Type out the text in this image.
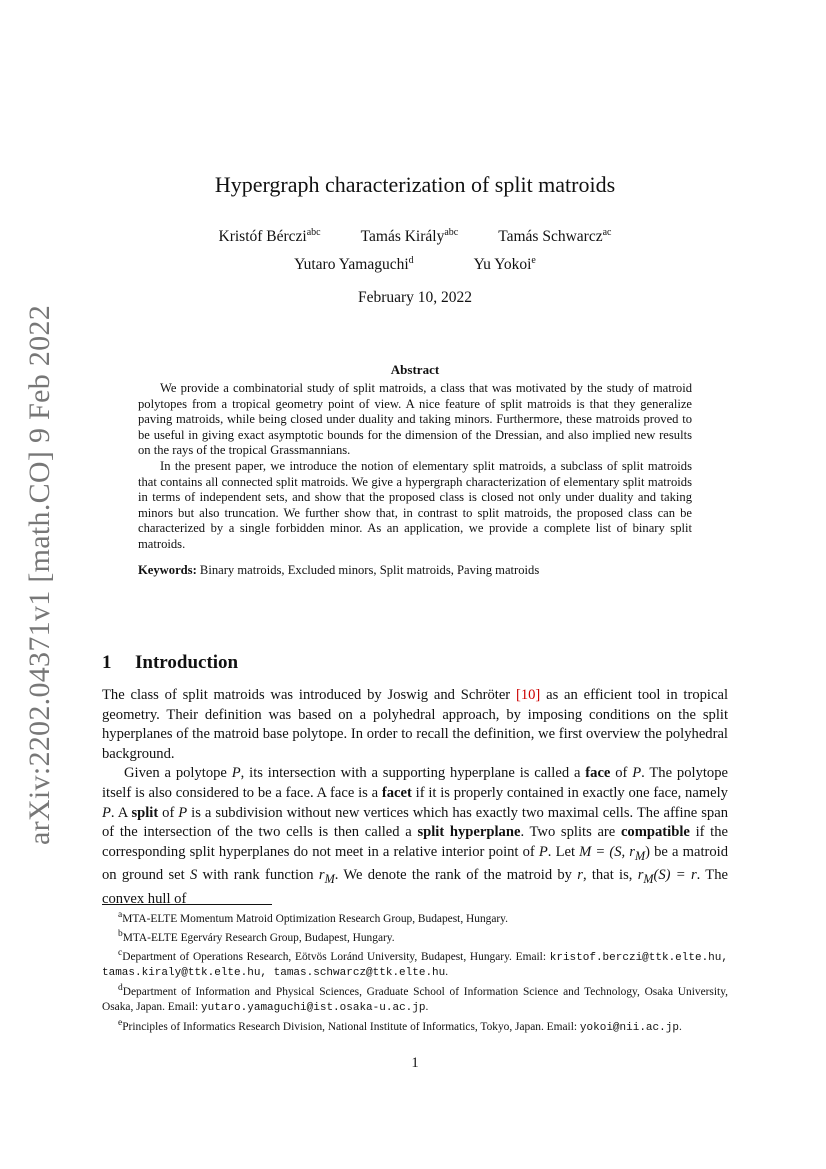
arXiv:2202.04371v1 [math.CO] 9 Feb 2022
Hypergraph characterization of split matroids
Kristóf Bérczi$^{abc}$	Tamás Király$^{abc}$	Tamás Schwarcz$^{ac}$
Yutaro Yamaguchi$^d$	Yu Yokoi$^e$
February 10, 2022
Abstract

We provide a combinatorial study of split matroids, a class that was motivated by the study of matroid polytopes from a tropical geometry point of view. A nice feature of split matroids is that they generalize paving matroids, while being closed under duality and taking minors. Furthermore, these matroids proved to be useful in giving exact asymptotic bounds for the dimension of the Dressian, and also implied new results on the rays of the tropical Grassmannians.

In the present paper, we introduce the notion of elementary split matroids, a subclass of split matroids that contains all connected split matroids. We give a hypergraph characterization of elementary split matroids in terms of independent sets, and show that the proposed class is closed not only under duality and taking minors but also truncation. We further show that, in contrast to split matroids, the proposed class can be characterized by a single forbidden minor. As an application, we provide a complete list of binary split matroids.

Keywords: Binary matroids, Excluded minors, Split matroids, Paving matroids
1 Introduction

The class of split matroids was introduced by Joswig and Schröter [10] as an efficient tool in tropical geometry. Their definition was based on a polyhedral approach, by imposing conditions on the split hyperplanes of the matroid base polytope. In order to recall the definition, we first overview the polyhedral background.

Given a polytope P, its intersection with a supporting hyperplane is called a face of P. The polytope itself is also considered to be a face. A face is a facet if it is properly contained in exactly one face, namely P. A split of P is a subdivision without new vertices which has exactly two maximal cells. The affine span of the intersection of the two cells is then called a split hyperplane. Two splits are compatible if the corresponding split hyperplanes do not meet in a relative interior point of P. Let M = (S, $r_M$) be a matroid on ground set S with rank function $r_M$. We denote the rank of the matroid by r, that is, $r_M(S) = r$. The convex hull of

$^a$MTA-ELTE Momentum Matroid Optimization Research Group, Budapest, Hungary.

$^b$MTA-ELTE Egerváry Research Group, Budapest, Hungary.

$^c$Department of Operations Research, Eötvös Loránd University, Budapest, Hungary. Email: kristof.berczi@ttk.elte.hu, tamas.kiraly@ttk.elte.hu, tamas.schwarcz@ttk.elte.hu.

$^d$Department of Information and Physical Sciences, Graduate School of Information Science and Technology, Osaka University, Osaka, Japan. Email: yutaro.yamaguchi@ist.osaka-u.ac.jp.

$^e$Principles of Informatics Research Division, National Institute of Informatics, Tokyo, Japan. Email: yokoi@nii.ac.jp.

1
